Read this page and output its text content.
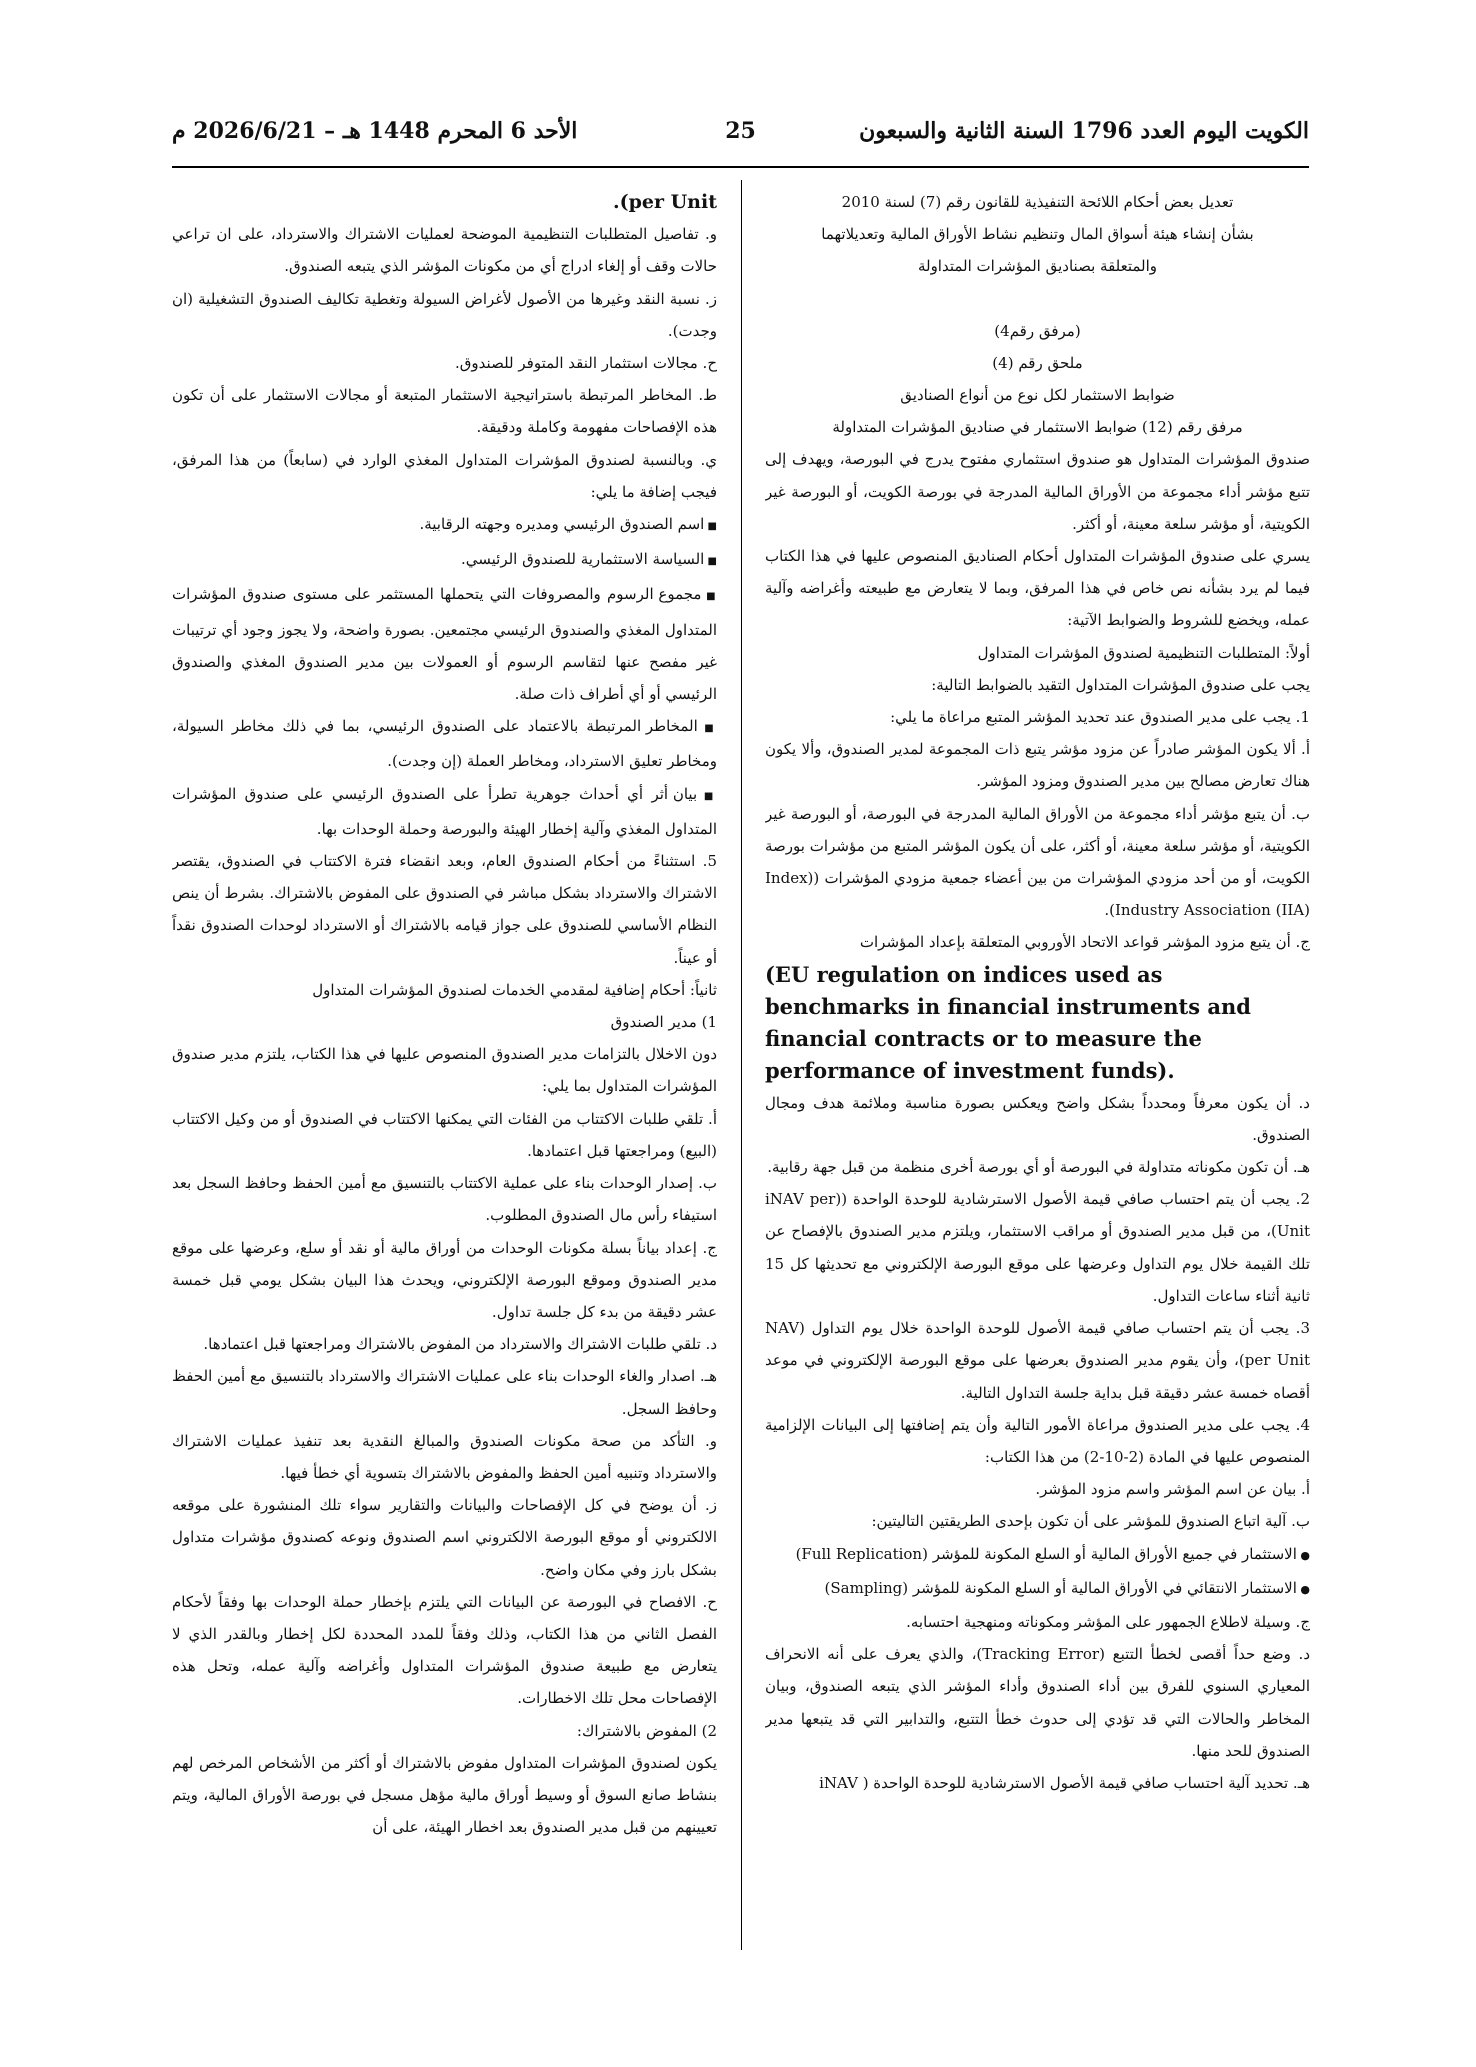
الكويت اليوم العدد 1796 السنة الثانية والسبعون
25
الأحد 6 المحرم 1448 هـ – 2026/6/21 م

تعديل بعض أحكام اللائحة التنفيذية للقانون رقم (7) لسنة 2010

بشأن إنشاء هيئة أسواق المال وتنظيم نشاط الأوراق المالية وتعديلاتهما

والمتعلقة بصناديق المؤشرات المتداولة

(مرفق رقم4)

ملحق رقم (4)

ضوابط الاستثمار لكل نوع من أنواع الصناديق

مرفق رقم (12) ضوابط الاستثمار في صناديق المؤشرات المتداولة

صندوق المؤشرات المتداول هو صندوق استثماري مفتوح يدرج في البورصة، ويهدف إلى تتبع مؤشر أداء مجموعة من الأوراق المالية المدرجة في بورصة الكويت، أو البورصة غير الكويتية، أو مؤشر سلعة معينة، أو أكثر.

يسري على صندوق المؤشرات المتداول أحكام الصناديق المنصوص عليها في هذا الكتاب فيما لم يرد بشأنه نص خاص في هذا المرفق، وبما لا يتعارض مع طبيعته وأغراضه وآلية عمله، ويخضع للشروط والضوابط الآتية:

أولاً: المتطلبات التنظيمية لصندوق المؤشرات المتداول

يجب على صندوق المؤشرات المتداول التقيد بالضوابط التالية:

1. يجب على مدير الصندوق عند تحديد المؤشر المتبع مراعاة ما يلي:

أ. ألا يكون المؤشر صادراً عن مزود مؤشر يتبع ذات المجموعة لمدير الصندوق، وألا يكون هناك تعارض مصالح بين مدير الصندوق ومزود المؤشر.

ب. أن يتبع مؤشر أداء مجموعة من الأوراق المالية المدرجة في البورصة، أو البورصة غير الكويتية، أو مؤشر سلعة معينة، أو أكثر، على أن يكون المؤشر المتبع من مؤشرات بورصة الكويت، أو من أحد مزودي المؤشرات من بين أعضاء جمعية مزودي المؤشرات ((Index Industry Association (IIA)).

ج. أن يتبع مزود المؤشر قواعد الاتحاد الأوروبي المتعلقة بإعداد المؤشرات

(EU regulation on indices used as benchmarks in financial instruments and financial contracts or to measure the performance of investment funds).

د. أن يكون معرفاً ومحدداً بشكل واضح ويعكس بصورة مناسبة وملائمة هدف ومجال الصندوق.

هـ. أن تكون مكوناته متداولة في البورصة أو أي بورصة أخرى منظمة من قبل جهة رقابية.

2. يجب أن يتم احتساب صافي قيمة الأصول الاسترشادية للوحدة الواحدة ((iNAV per Unit)، من قبل مدير الصندوق أو مراقب الاستثمار، ويلتزم مدير الصندوق بالإفصاح عن تلك القيمة خلال يوم التداول وعرضها على موقع البورصة الإلكتروني مع تحديثها كل 15 ثانية أثناء ساعات التداول.

3. يجب أن يتم احتساب صافي قيمة الأصول للوحدة الواحدة خلال يوم التداول (NAV per Unit)، وأن يقوم مدير الصندوق بعرضها على موقع البورصة الإلكتروني في موعد أقصاه خمسة عشر دقيقة قبل بداية جلسة التداول التالية.

4. يجب على مدير الصندوق مراعاة الأمور التالية وأن يتم إضافتها إلى البيانات الإلزامية المنصوص عليها في المادة (2-10-2) من هذا الكتاب:

أ. بيان عن اسم المؤشر واسم مزود المؤشر.

ب. آلية اتباع الصندوق للمؤشر على أن تكون بإحدى الطريقتين التاليتين:

● الاستثمار في جميع الأوراق المالية أو السلع المكونة للمؤشر (Full Replication)

● الاستثمار الانتقائي في الأوراق المالية أو السلع المكونة للمؤشر (Sampling)

ج. وسيلة لاطلاع الجمهور على المؤشر ومكوناته ومنهجية احتسابه.

د. وضع حداً أقصى لخطأ التتبع (Tracking Error)، والذي يعرف على أنه الانحراف المعياري السنوي للفرق بين أداء الصندوق وأداء المؤشر الذي يتبعه الصندوق، وبيان المخاطر والحالات التي قد تؤدي إلى حدوث خطأ التتبع، والتدابير التي قد يتبعها مدير الصندوق للحد منها.

هـ. تحديد آلية احتساب صافي قيمة الأصول الاسترشادية للوحدة الواحدة ( iNAV

per Unit).

و. تفاصيل المتطلبات التنظيمية الموضحة لعمليات الاشتراك والاسترداد، على ان تراعي حالات وقف أو إلغاء ادراج أي من مكونات المؤشر الذي يتبعه الصندوق.

ز. نسبة النقد وغيرها من الأصول لأغراض السيولة وتغطية تكاليف الصندوق التشغيلية (ان وجدت).

ح. مجالات استثمار النقد المتوفر للصندوق.

ط. المخاطر المرتبطة باستراتيجية الاستثمار المتبعة أو مجالات الاستثمار على أن تكون هذه الإفصاحات مفهومة وكاملة ودقيقة.

ي. وبالنسبة لصندوق المؤشرات المتداول المغذي الوارد في (سابعاً) من هذا المرفق، فيجب إضافة ما يلي:

■ اسم الصندوق الرئيسي ومديره وجهته الرقابية.

■ السياسة الاستثمارية للصندوق الرئيسي.

■ مجموع الرسوم والمصروفات التي يتحملها المستثمر على مستوى صندوق المؤشرات المتداول المغذي والصندوق الرئيسي مجتمعين. بصورة واضحة، ولا يجوز وجود أي ترتيبات غير مفصح عنها لتقاسم الرسوم أو العمولات بين مدير الصندوق المغذي والصندوق الرئيسي أو أي أطراف ذات صلة.

■ المخاطر المرتبطة بالاعتماد على الصندوق الرئيسي، بما في ذلك مخاطر السيولة، ومخاطر تعليق الاسترداد، ومخاطر العملة (إن وجدت).

■ بيان أثر أي أحداث جوهرية تطرأ على الصندوق الرئيسي على صندوق المؤشرات المتداول المغذي وآلية إخطار الهيئة والبورصة وحملة الوحدات بها.

5. استثناءً من أحكام الصندوق العام، وبعد انقضاء فترة الاكتتاب في الصندوق، يقتصر الاشتراك والاسترداد بشكل مباشر في الصندوق على المفوض بالاشتراك. بشرط أن ينص النظام الأساسي للصندوق على جواز قيامه بالاشتراك أو الاسترداد لوحدات الصندوق نقداً أو عيناً.

ثانياً: أحكام إضافية لمقدمي الخدمات لصندوق المؤشرات المتداول

1) مدير الصندوق

دون الاخلال بالتزامات مدير الصندوق المنصوص عليها في هذا الكتاب، يلتزم مدير صندوق المؤشرات المتداول بما يلي:

أ. تلقي طلبات الاكتتاب من الفئات التي يمكنها الاكتتاب في الصندوق أو من وكيل الاكتتاب (البيع) ومراجعتها قبل اعتمادها.

ب. إصدار الوحدات بناء على عملية الاكتتاب بالتنسيق مع أمين الحفظ وحافظ السجل بعد استيفاء رأس مال الصندوق المطلوب.

ج. إعداد بياناً بسلة مكونات الوحدات من أوراق مالية أو نقد أو سلع، وعرضها على موقع مدير الصندوق وموقع البورصة الإلكتروني، ويحدث هذا البيان بشكل يومي قبل خمسة عشر دقيقة من بدء كل جلسة تداول.

د. تلقي طلبات الاشتراك والاسترداد من المفوض بالاشتراك ومراجعتها قبل اعتمادها.

هـ. اصدار والغاء الوحدات بناء على عمليات الاشتراك والاسترداد بالتنسيق مع أمين الحفظ وحافظ السجل.

و. التأكد من صحة مكونات الصندوق والمبالغ النقدية بعد تنفيذ عمليات الاشتراك والاسترداد وتنبيه أمين الحفظ والمفوض بالاشتراك بتسوية أي خطأ فيها.

ز. أن يوضح في كل الإفصاحات والبيانات والتقارير سواء تلك المنشورة على موقعه الالكتروني أو موقع البورصة الالكتروني اسم الصندوق ونوعه كصندوق مؤشرات متداول بشكل بارز وفي مكان واضح.

ح. الافصاح في البورصة عن البيانات التي يلتزم بإخطار حملة الوحدات بها وفقاً لأحكام الفصل الثاني من هذا الكتاب، وذلك وفقاً للمدد المحددة لكل إخطار وبالقدر الذي لا يتعارض مع طبيعة صندوق المؤشرات المتداول وأغراضه وآلية عمله، وتحل هذه الإفصاحات محل تلك الاخطارات.

2) المفوض بالاشتراك:

يكون لصندوق المؤشرات المتداول مفوض بالاشتراك أو أكثر من الأشخاص المرخص لهم بنشاط صانع السوق أو وسيط أوراق مالية مؤهل مسجل في بورصة الأوراق المالية، ويتم تعيينهم من قبل مدير الصندوق بعد اخطار الهيئة، على أن
